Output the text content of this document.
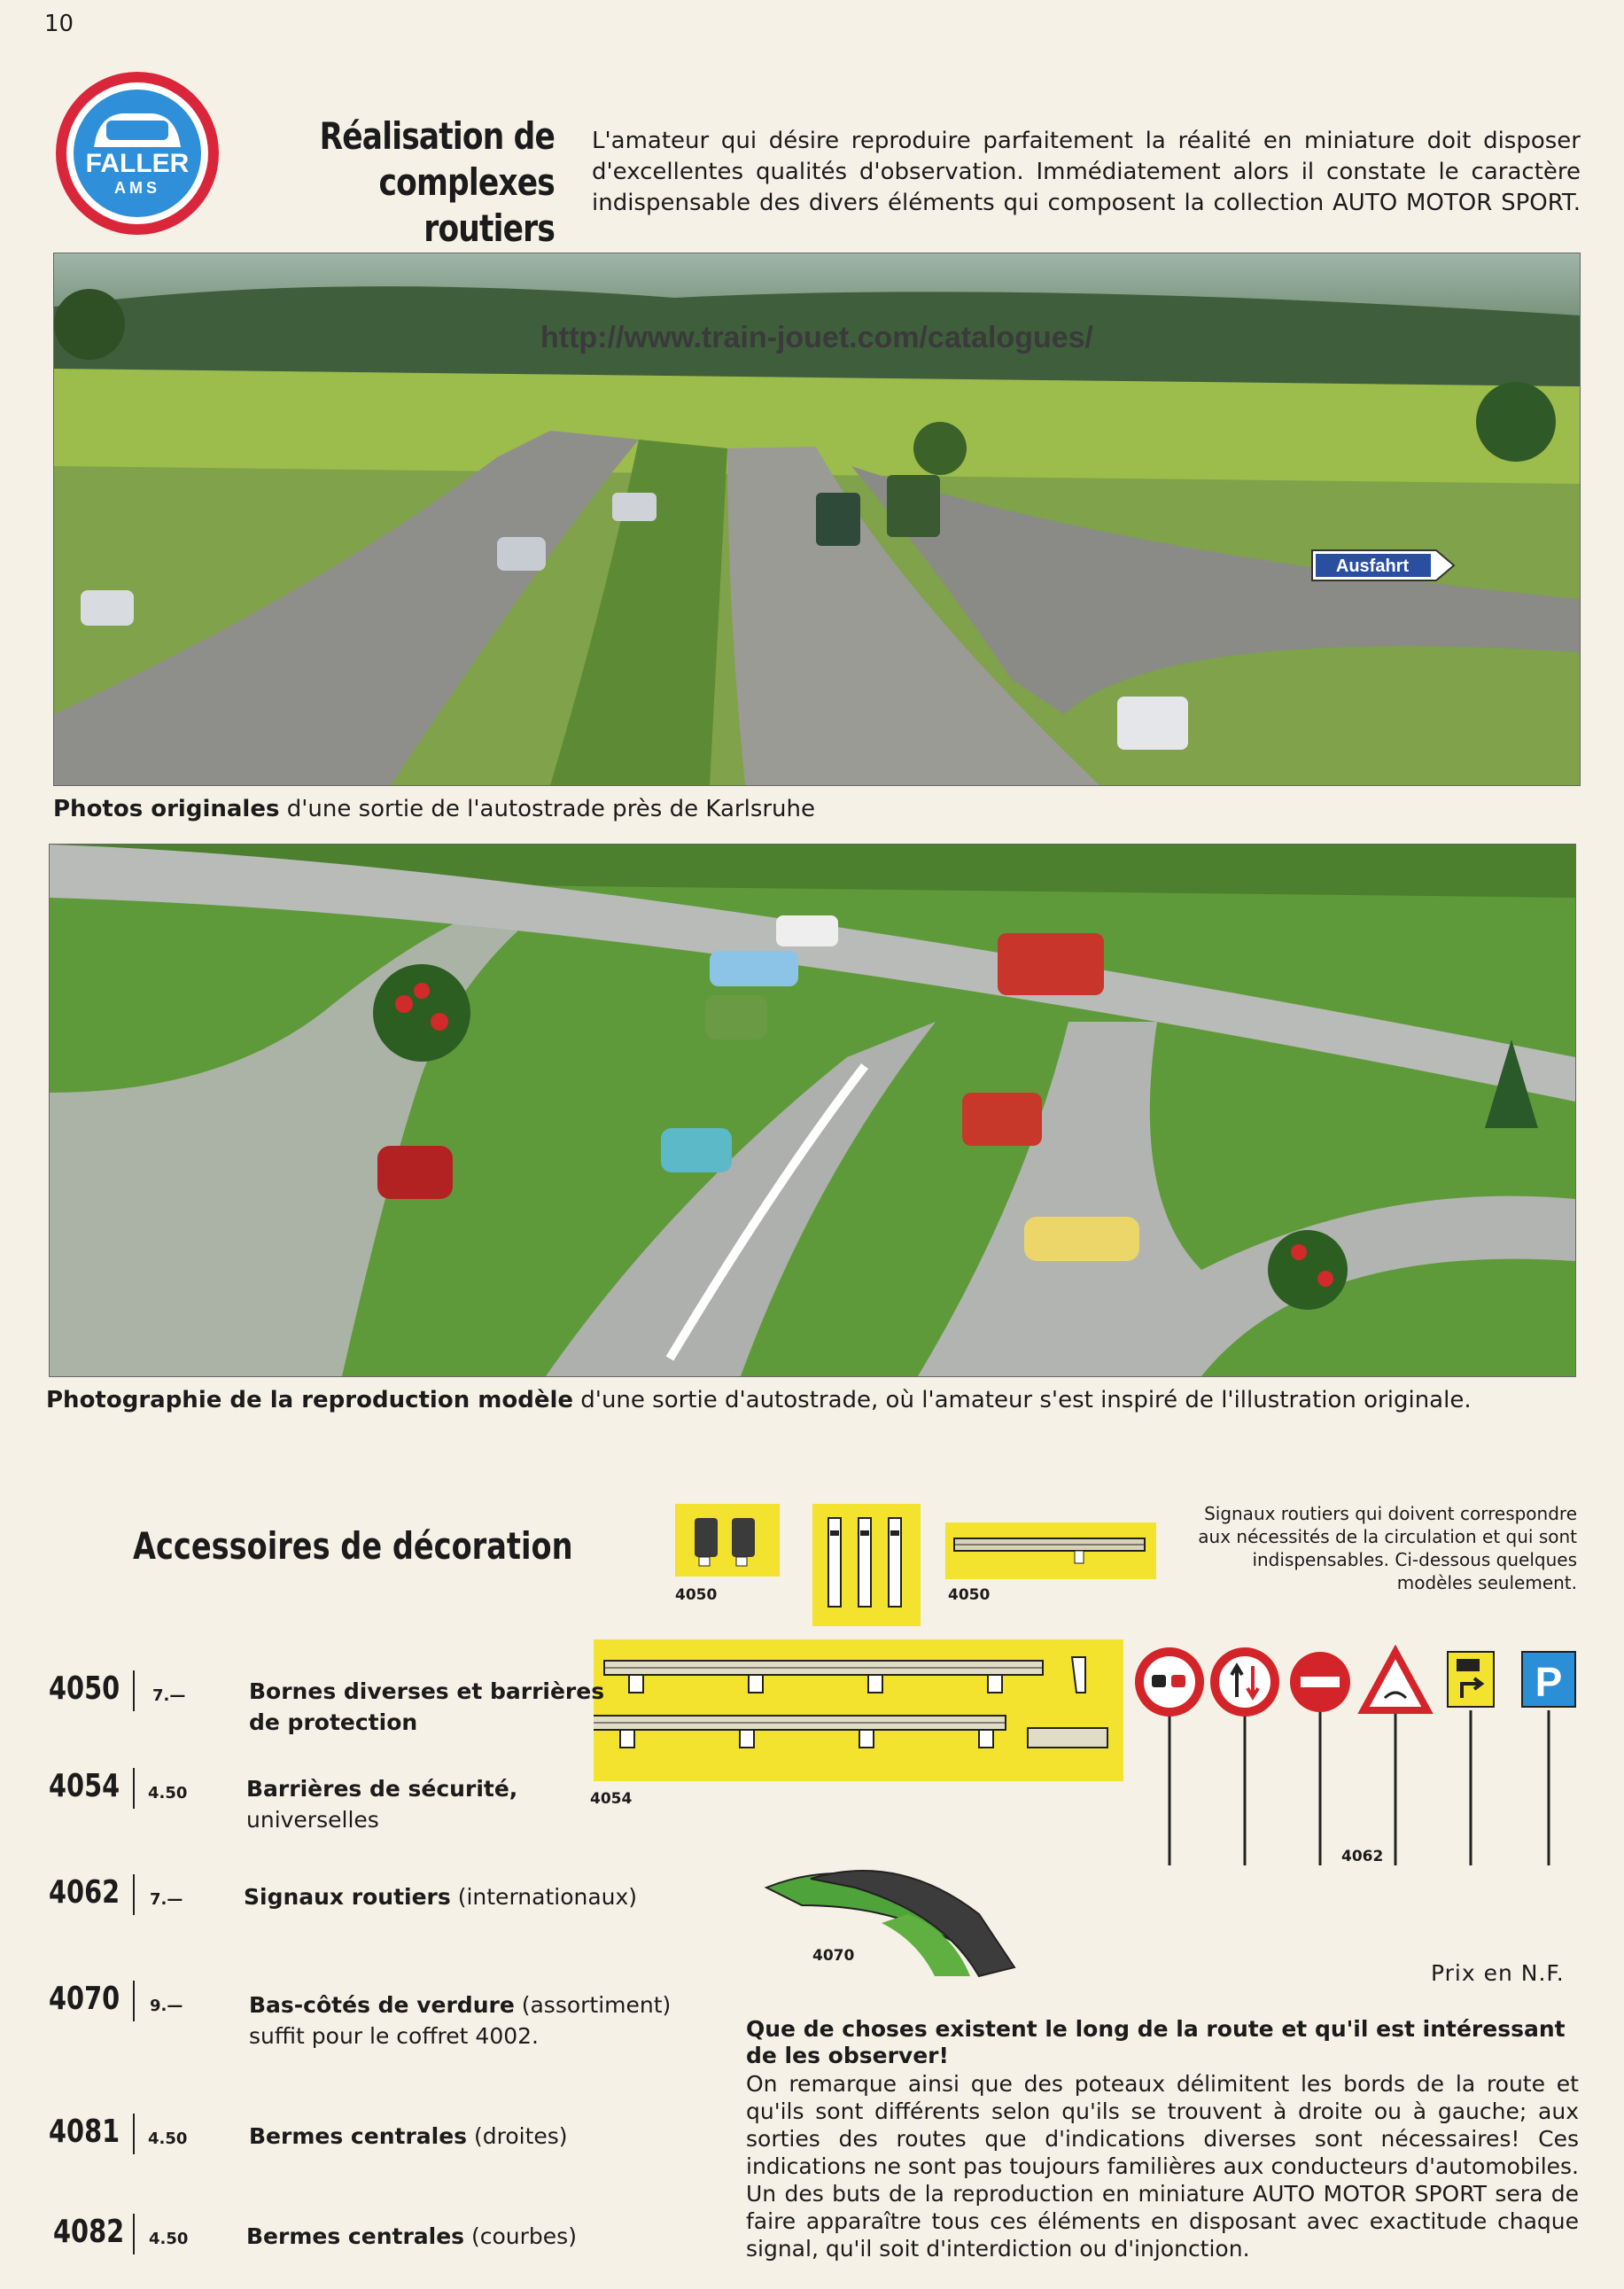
10
FALLER
AMS
Réalisation de
complexes routiers
L'amateur qui désire reproduire parfaitement la réalité en miniature doit disposer d'excellentes qualités d'observation. Immédiatement alors il constate le caractère indispensable des divers éléments qui composent la collection AUTO MOTOR SPORT.
Ausfahrt
http://www.train-jouet.com/catalogues/
Photos originales d'une sortie de l'autostrade près de Karlsruhe
Photographie de la reproduction modèle d'une sortie d'autostrade, où l'amateur s'est inspiré de l'illustration originale.
Accessoires de décoration
Signaux routiers qui doivent correspondre aux nécessités de la circulation et qui sont indispensables. Ci-dessous quelques modèles seulement.
4050	4050
4054
P
4062
4070
4050 7.—	Bornes diverses et barrières
de protection
4054 4.50	Barrières de sécurité,
universelles
4062 7.—	Signaux routiers (internationaux)
4070 9.—	Bas-côtés de verdure (assortiment)
suffit pour le coffret 4002.
4081 4.50	Bermes centrales (droites)
4082 4.50	Bermes centrales (courbes)
Prix en N.F.
Que de choses existent le long de la route et qu'il est intéressant de les observer!
On remarque ainsi que des poteaux délimitent les bords de la route et qu'ils sont différents selon qu'ils se trouvent à droite ou à gauche; aux sorties des routes que d'indications diverses sont nécessaires! Ces indications ne sont pas toujours familières aux conducteurs d'automobiles. Un des buts de la reproduction en miniature AUTO MOTOR SPORT sera de faire apparaître tous ces éléments en disposant avec exactitude chaque signal, qu'il soit d'interdiction ou d'injonction.
